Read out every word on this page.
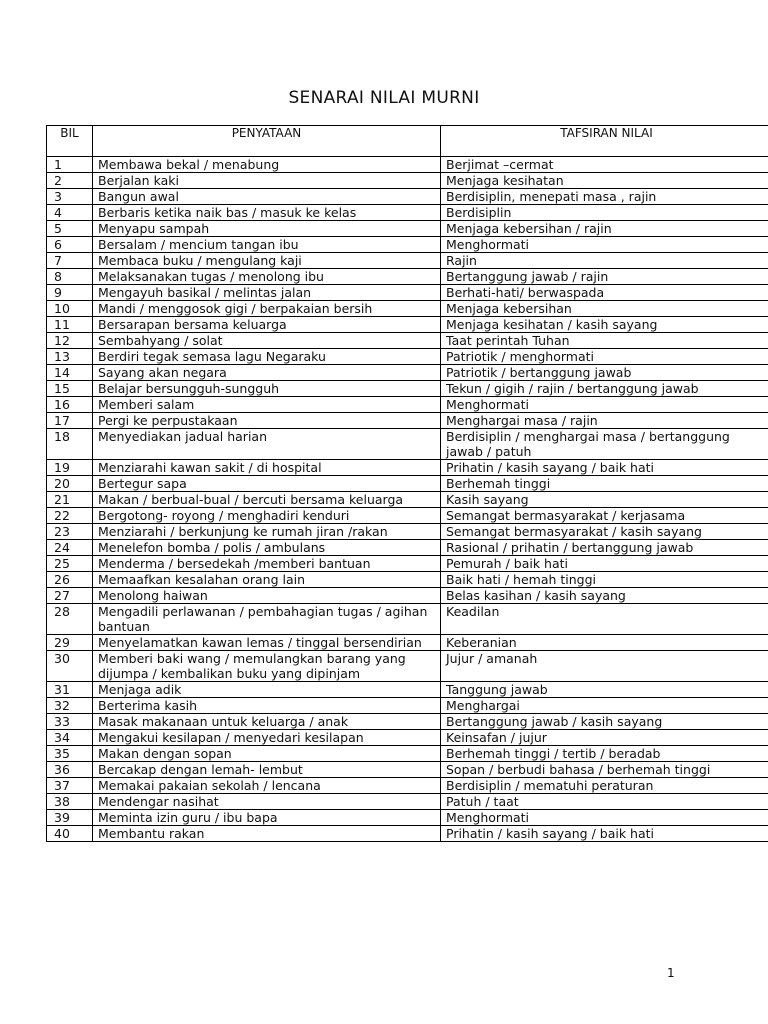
SENARAI NILAI MURNI
BIL	PENYATAAN	TAFSIRAN NILAI
1	Membawa bekal / menabung	Berjimat –cermat
2	Berjalan kaki	Menjaga kesihatan
3	Bangun awal	Berdisiplin, menepati masa , rajin
4	Berbaris ketika naik bas / masuk ke kelas	Berdisiplin
5	Menyapu sampah	Menjaga kebersihan / rajin
6	Bersalam / mencium tangan ibu	Menghormati
7	Membaca buku / mengulang kaji	Rajin
8	Melaksanakan tugas / menolong ibu	Bertanggung jawab / rajin
9	Mengayuh basikal / melintas jalan	Berhati-hati/ berwaspada
10	Mandi / menggosok gigi / berpakaian bersih	Menjaga kebersihan
11	Bersarapan bersama keluarga	Menjaga kesihatan / kasih sayang
12	Sembahyang / solat	Taat perintah Tuhan
13	Berdiri tegak semasa lagu Negaraku	Patriotik / menghormati
14	Sayang akan negara	Patriotik / bertanggung jawab
15	Belajar bersungguh-sungguh	Tekun / gigih / rajin / bertanggung jawab
16	Memberi salam	Menghormati
17	Pergi ke perpustakaan	Menghargai masa / rajin
18	Menyediakan jadual harian	Berdisiplin / menghargai masa / bertanggung jawab / patuh
19	Menziarahi kawan sakit / di hospital	Prihatin / kasih sayang / baik hati
20	Bertegur sapa	Berhemah tinggi
21	Makan / berbual-bual / bercuti bersama keluarga	Kasih sayang
22	Bergotong- royong / menghadiri kenduri	Semangat bermasyarakat / kerjasama
23	Menziarahi / berkunjung ke rumah jiran /rakan	Semangat bermasyarakat / kasih sayang
24	Menelefon bomba / polis / ambulans	Rasional / prihatin / bertanggung jawab
25	Menderma / bersedekah /memberi bantuan	Pemurah / baik hati
26	Memaafkan kesalahan orang lain	Baik hati / hemah tinggi
27	Menolong haiwan	Belas kasihan / kasih sayang
28	Mengadili perlawanan / pembahagian tugas / agihan bantuan	Keadilan
29	Menyelamatkan kawan lemas / tinggal bersendirian	Keberanian
30	Memberi baki wang / memulangkan barang yang dijumpa / kembalikan buku yang dipinjam	Jujur / amanah
31	Menjaga adik	Tanggung jawab
32	Berterima kasih	Menghargai
33	Masak makanaan untuk keluarga / anak	Bertanggung jawab / kasih sayang
34	Mengakui kesilapan / menyedari kesilapan	Keinsafan / jujur
35	Makan dengan sopan	Berhemah tinggi / tertib / beradab
36	Bercakap dengan lemah- lembut	Sopan / berbudi bahasa / berhemah tinggi
37	Memakai pakaian sekolah / lencana	Berdisiplin / mematuhi peraturan
38	Mendengar nasihat	Patuh / taat
39	Meminta izin guru / ibu bapa	Menghormati
40	Membantu rakan	Prihatin / kasih sayang / baik hati
1
